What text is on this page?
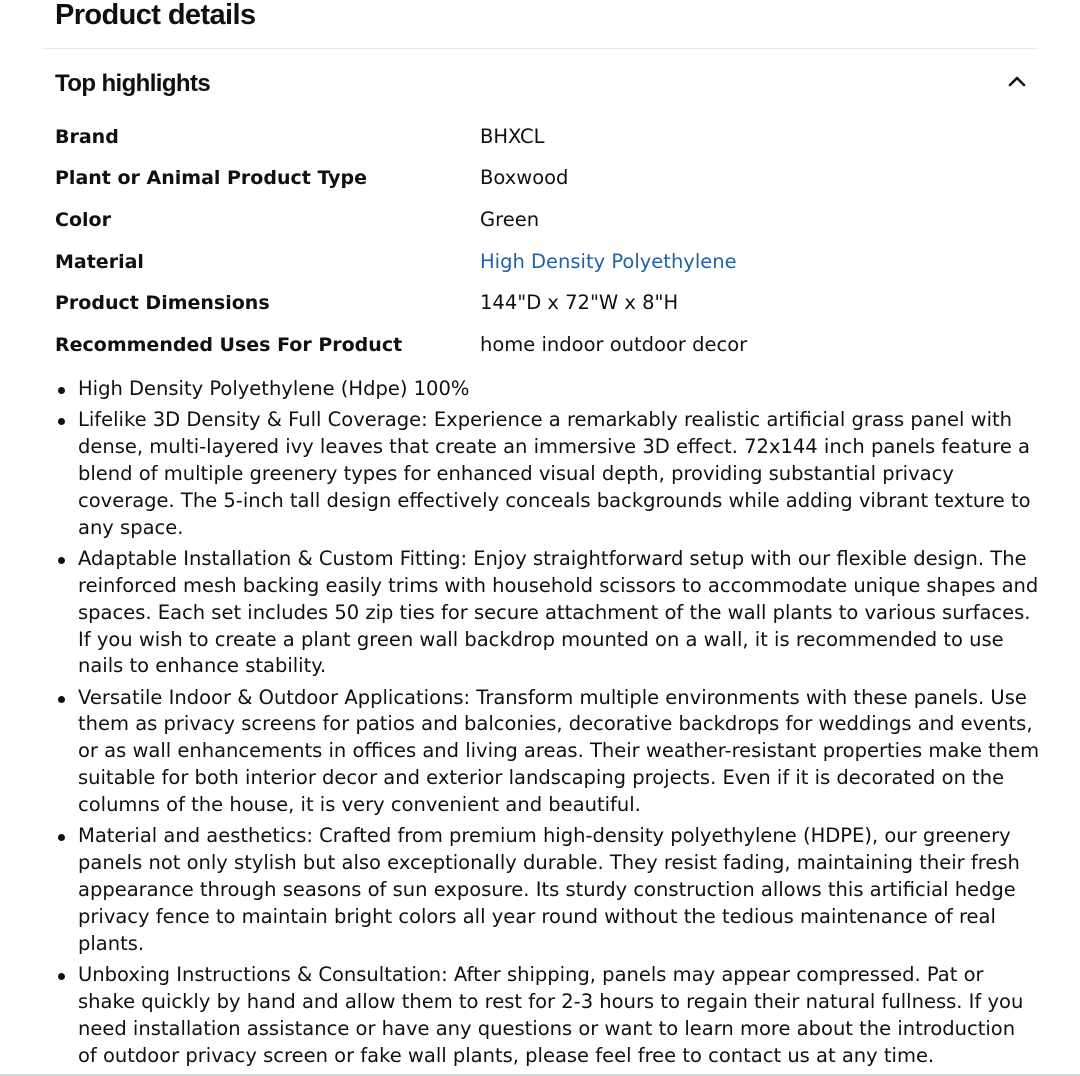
Product details
Top highlights
Brand	BHXCL
Plant or Animal Product Type	Boxwood
Color	Green
Material	High Density Polyethylene
Product Dimensions	144"D x 72"W x 8"H
Recommended Uses For Product	home indoor outdoor decor
High Density Polyethylene (Hdpe) 100%
Lifelike 3D Density & Full Coverage: Experience a remarkably realistic artificial grass panel with dense, multi-layered ivy leaves that create an immersive 3D effect. 72x144 inch panels feature a blend of multiple greenery types for enhanced visual depth, providing substantial privacy coverage. The 5-inch tall design effectively conceals backgrounds while adding vibrant texture to any space.
Adaptable Installation & Custom Fitting: Enjoy straightforward setup with our flexible design. The reinforced mesh backing easily trims with household scissors to accommodate unique shapes and spaces. Each set includes 50 zip ties for secure attachment of the wall plants to various surfaces. If you wish to create a plant green wall backdrop mounted on a wall, it is recommended to use nails to enhance stability.
Versatile Indoor & Outdoor Applications: Transform multiple environments with these panels. Use them as privacy screens for patios and balconies, decorative backdrops for weddings and events, or as wall enhancements in offices and living areas. Their weather-resistant properties make them suitable for both interior decor and exterior landscaping projects. Even if it is decorated on the columns of the house, it is very convenient and beautiful.
Material and aesthetics: Crafted from premium high-density polyethylene (HDPE), our greenery panels not only stylish but also exceptionally durable. They resist fading, maintaining their fresh appearance through seasons of sun exposure. Its sturdy construction allows this artificial hedge privacy fence to maintain bright colors all year round without the tedious maintenance of real plants.
Unboxing Instructions & Consultation: After shipping, panels may appear compressed. Pat or shake quickly by hand and allow them to rest for 2-3 hours to regain their natural fullness. If you need installation assistance or have any questions or want to learn more about the introduction of outdoor privacy screen or fake wall plants, please feel free to contact us at any time.
